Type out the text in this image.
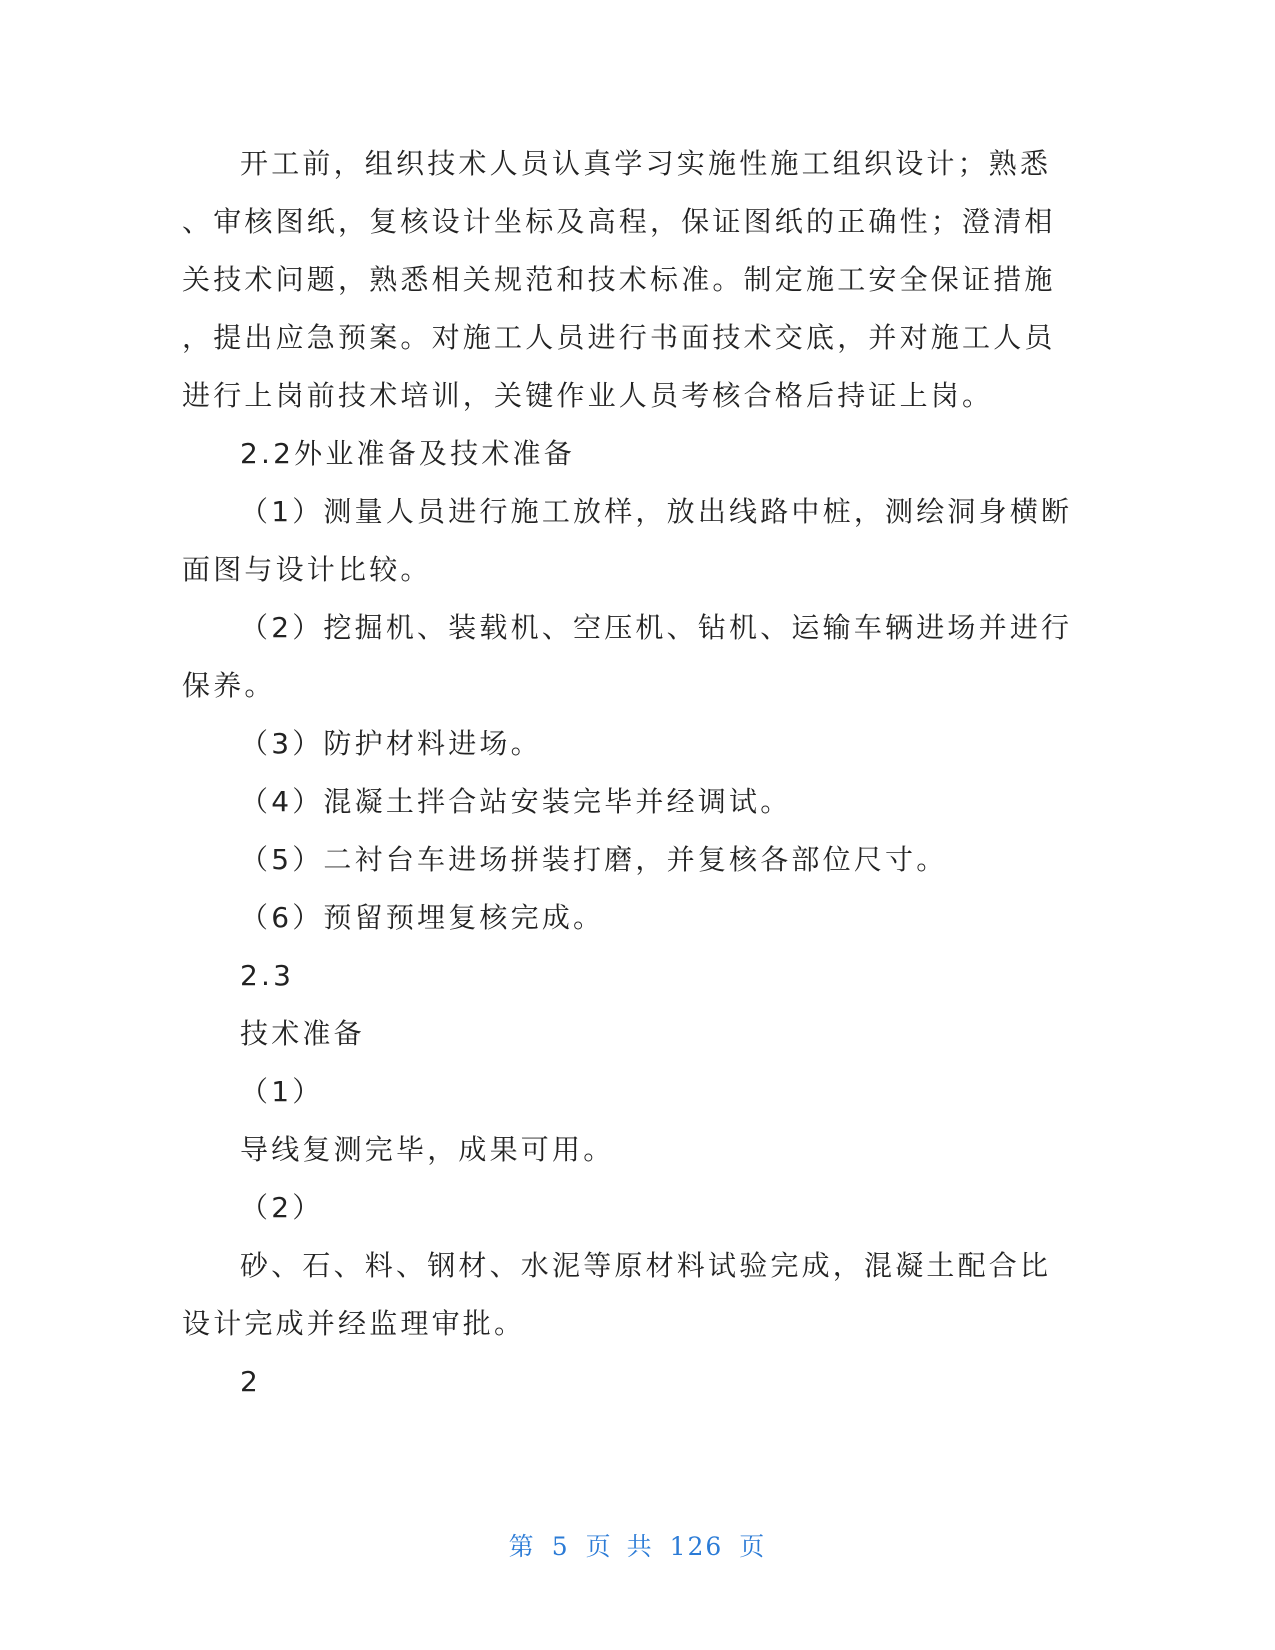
开工前，组织技术人员认真学习实施性施工组织设计；熟悉
、审核图纸，复核设计坐标及高程，保证图纸的正确性；澄清相
关技术问题，熟悉相关规范和技术标准。制定施工安全保证措施
，提出应急预案。对施工人员进行书面技术交底，并对施工人员
进行上岗前技术培训，关键作业人员考核合格后持证上岗。
2.2外业准备及技术准备
（1）测量人员进行施工放样，放出线路中桩，测绘洞身横断
面图与设计比较。
（2）挖掘机、装载机、空压机、钻机、运输车辆进场并进行
保养。
（3）防护材料进场。
（4）混凝土拌合站安装完毕并经调试。
（5）二衬台车进场拼装打磨，并复核各部位尺寸。
（6）预留预埋复核完成。
2.3
技术准备
（1）
导线复测完毕，成果可用。
（2）
砂、石、料、钢材、水泥等原材料试验完成，混凝土配合比
设计完成并经监理审批。
2
第 5 页 共 126 页
